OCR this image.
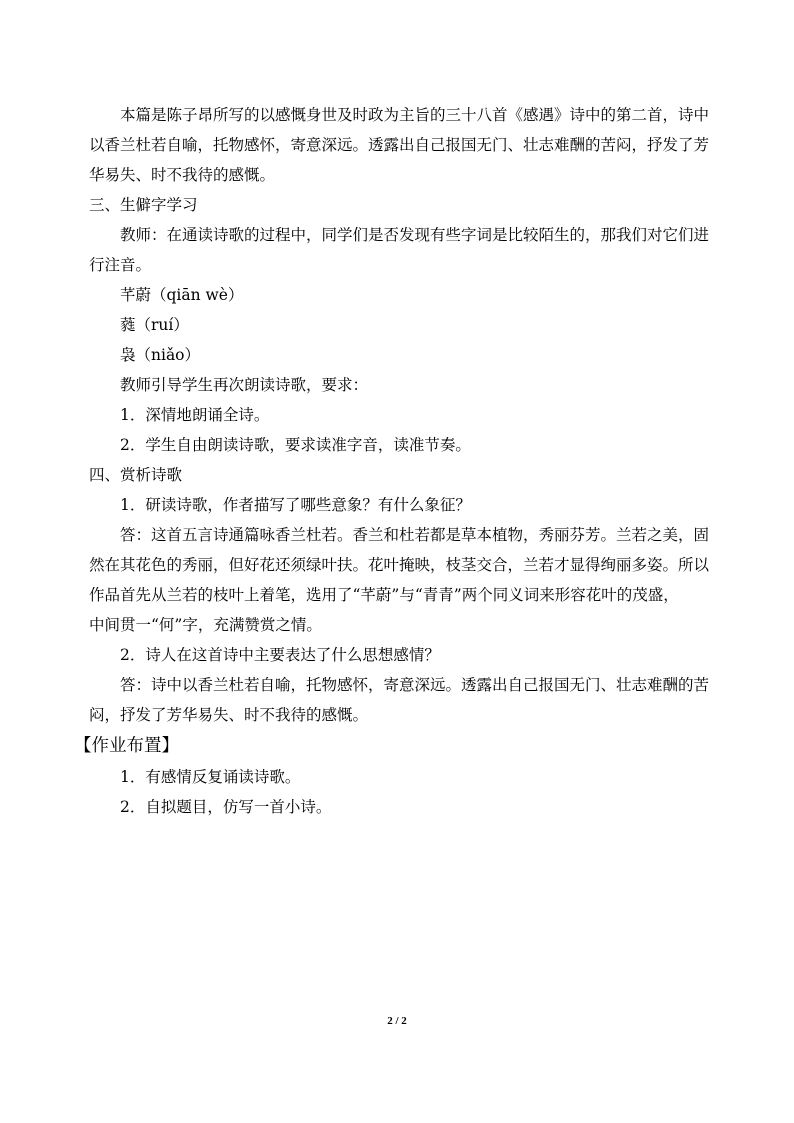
本篇是陈子昂所写的以感慨身世及时政为主旨的三十八首《感遇》诗中的第二首，诗中
以香兰杜若自喻，托物感怀，寄意深远。透露出自己报国无门、壮志难酬的苦闷，抒发了芳
华易失、时不我待的感慨。
三、生僻字学习
教师：在通读诗歌的过程中，同学们是否发现有些字词是比较陌生的，那我们对它们进
行注音。
芊蔚（qiān wè）
蕤（ruí）
袅（niǎo）
教师引导学生再次朗读诗歌，要求：
1．深情地朗诵全诗。
2．学生自由朗读诗歌，要求读准字音，读准节奏。
四、赏析诗歌
1．研读诗歌，作者描写了哪些意象？有什么象征？
答：这首五言诗通篇咏香兰杜若。香兰和杜若都是草本植物，秀丽芬芳。兰若之美，固
然在其花色的秀丽，但好花还须绿叶扶。花叶掩映，枝茎交合，兰若才显得绚丽多姿。所以
作品首先从兰若的枝叶上着笔，选用了“芊蔚”与“青青”两个同义词来形容花叶的茂盛，
中间贯一“何”字，充满赞赏之情。
2．诗人在这首诗中主要表达了什么思想感情？
答：诗中以香兰杜若自喻，托物感怀，寄意深远。透露出自己报国无门、壮志难酬的苦
闷，抒发了芳华易失、时不我待的感慨。
【作业布置】
1．有感情反复诵读诗歌。
2．自拟题目，仿写一首小诗。
2 / 2
